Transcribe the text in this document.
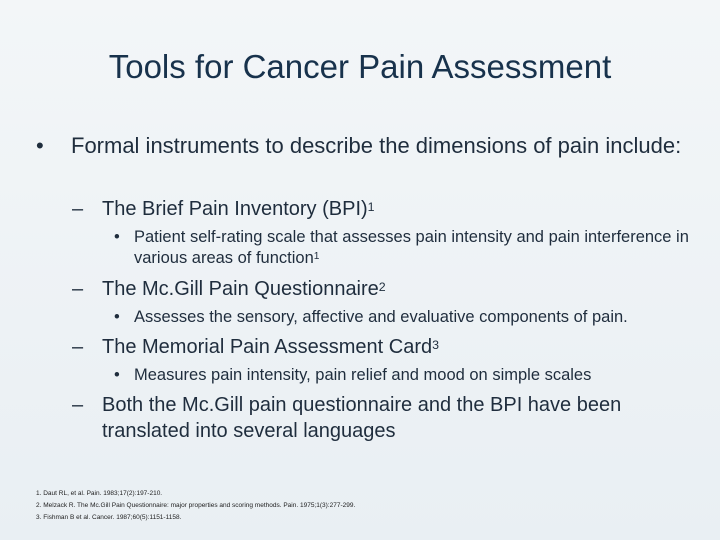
Tools for Cancer Pain Assessment
• Formal instruments to describe the dimensions of pain include:
– The Brief Pain Inventory (BPI)$^1$
• Patient self-rating scale that assesses pain intensity and pain interference in various areas of function$^1$
– The Mc.Gill Pain Questionnaire$^2$
• Assesses the sensory, affective and evaluative components of pain.
– The Memorial Pain Assessment Card$^3$
• Measures pain intensity, pain relief and mood on simple scales
– Both the Mc.Gill pain questionnaire and the BPI have been translated into several languages
1. Daut RL, et al. Pain. 1983;17(2):197-210.
2. Melzack R. The Mc.Gill Pain Questionnaire: major properties and scoring methods. Pain. 1975;1(3):277-299.
3. Fishman B et al. Cancer. 1987;60(5):1151-1158.
